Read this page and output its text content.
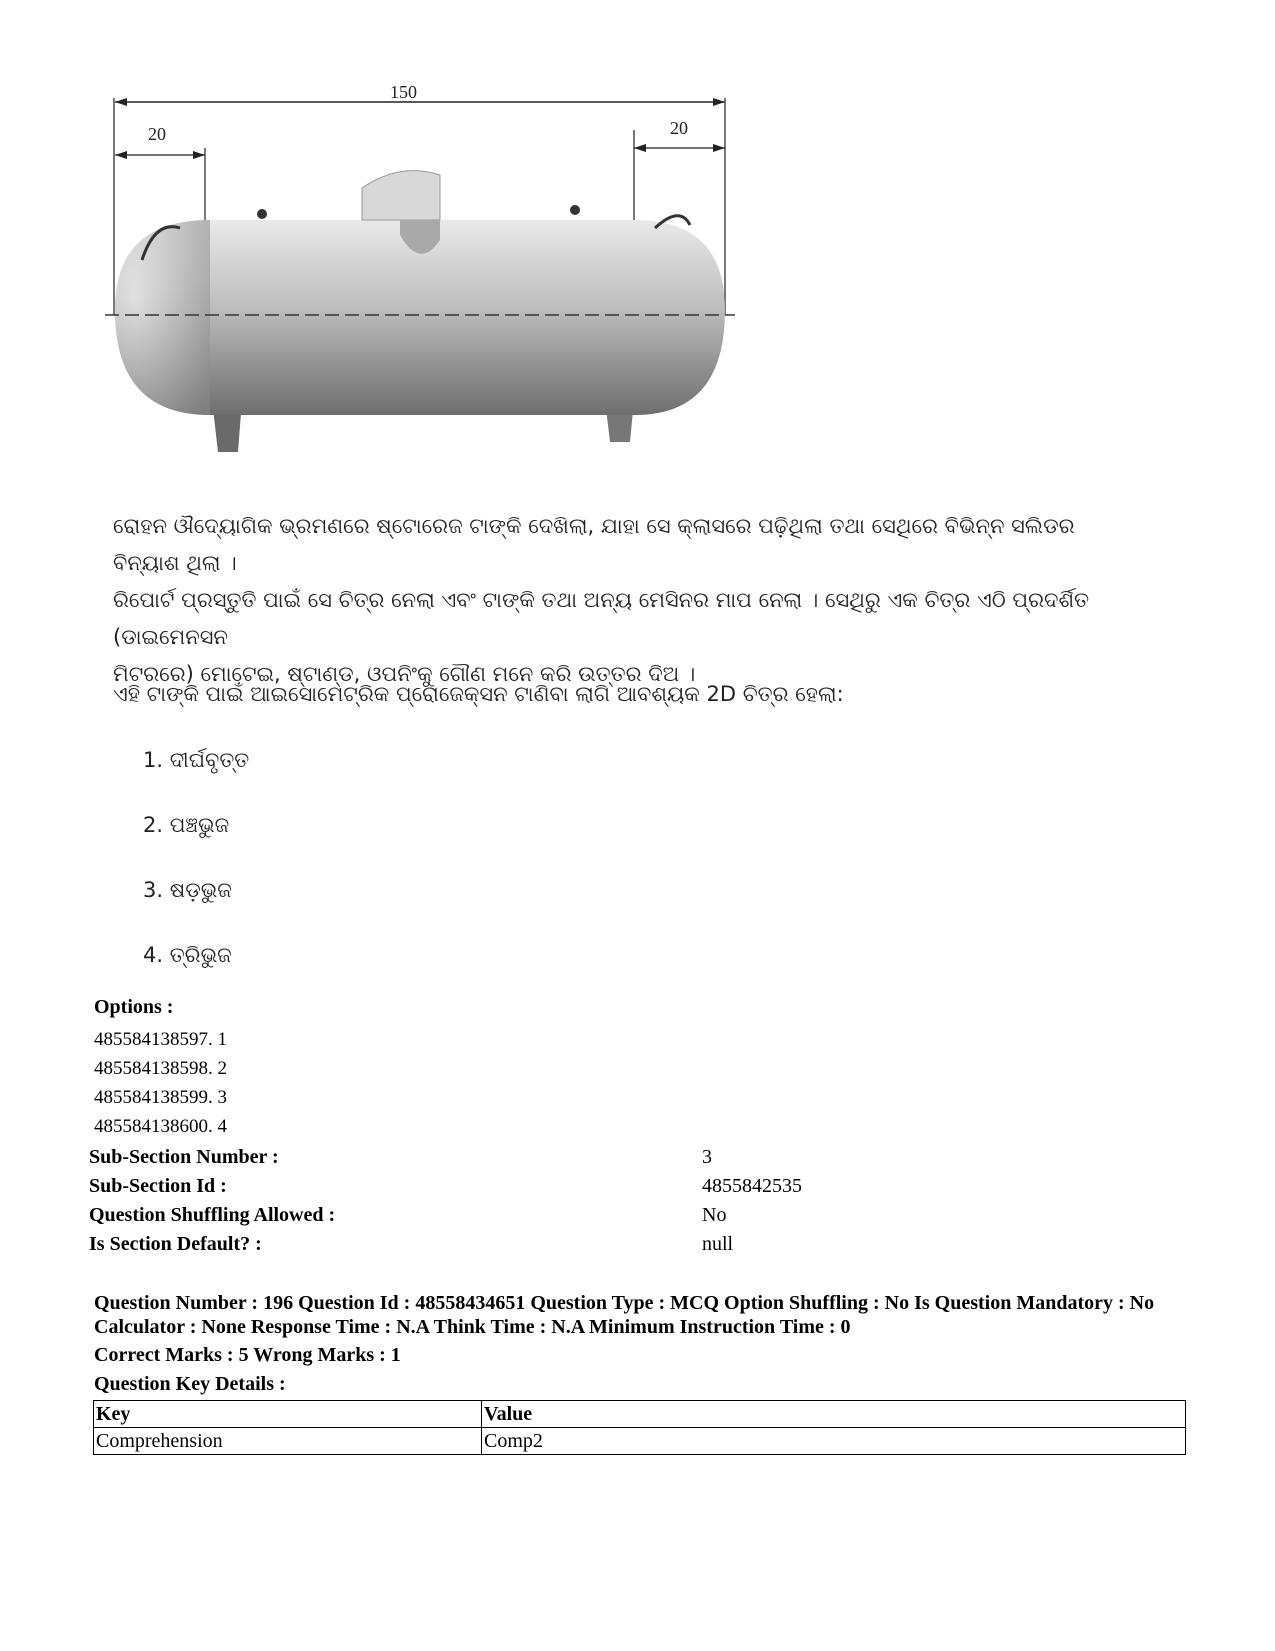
150
20	20
ରୋହନ ଔଦ୍ୟୋଗିକ ଭ୍ରମଣରେ ଷ୍ଟୋରେଜ ଟାଙ୍କି ଦେଖିଲା, ଯାହା ସେ କ୍ଲାସରେ ପଢ଼ିଥିଲା ତଥା ସେଥିରେ ବିଭିନ୍ନ ସଲିଡର ବିନ୍ୟାଶ ଥିଲା ।
ରିପୋର୍ଟ ପ୍ରସ୍ତୁତି ପାଇଁ ସେ ଚିତ୍ର ନେଲା ଏବଂ ଟାଙ୍କି ତଥା ଅନ୍ୟ ମେସିନର ମାପ ନେଲା । ସେଥିରୁ ଏକ ଚିତ୍ର ଏଠି ପ୍ରଦର୍ଶିତ (ଡାଇମେନସନ
ମିଟରରେ) ମୋଟେଇ, ଷ୍ଟାଣ୍ଡ, ଓପନିଂକୁ ଗୌଣ ମନେ କରି ଉତ୍ତର ଦିଅ ।
ଏହି ଟାଙ୍କି ପାଇଁ ଆଇସୋମେଟ୍ରିକ ପ୍ରୋଜେକ୍ସନ ଟାଣିବା ଲାଗି ଆବଶ୍ୟକ 2D ଚିତ୍ର ହେଲା:
1. ଦୀର୍ଘବୃତ୍ତ
2. ପଞ୍ଚଭୁଜ
3. ଷଡ଼ଭୁଜ
4. ତ୍ରିଭୁଜ
Options :
485584138597. 1
485584138598. 2
485584138599. 3
485584138600. 4
Sub-Section Number :	3
Sub-Section Id :	4855842535
Question Shuffling Allowed :	No
Is Section Default? :	null
Question Number : 196 Question Id : 48558434651 Question Type : MCQ Option Shuffling : No Is Question Mandatory : No Calculator : None Response Time : N.A Think Time : N.A Minimum Instruction Time : 0
Correct Marks : 5 Wrong Marks : 1
Question Key Details :
Key	Value
Comprehension	Comp2
